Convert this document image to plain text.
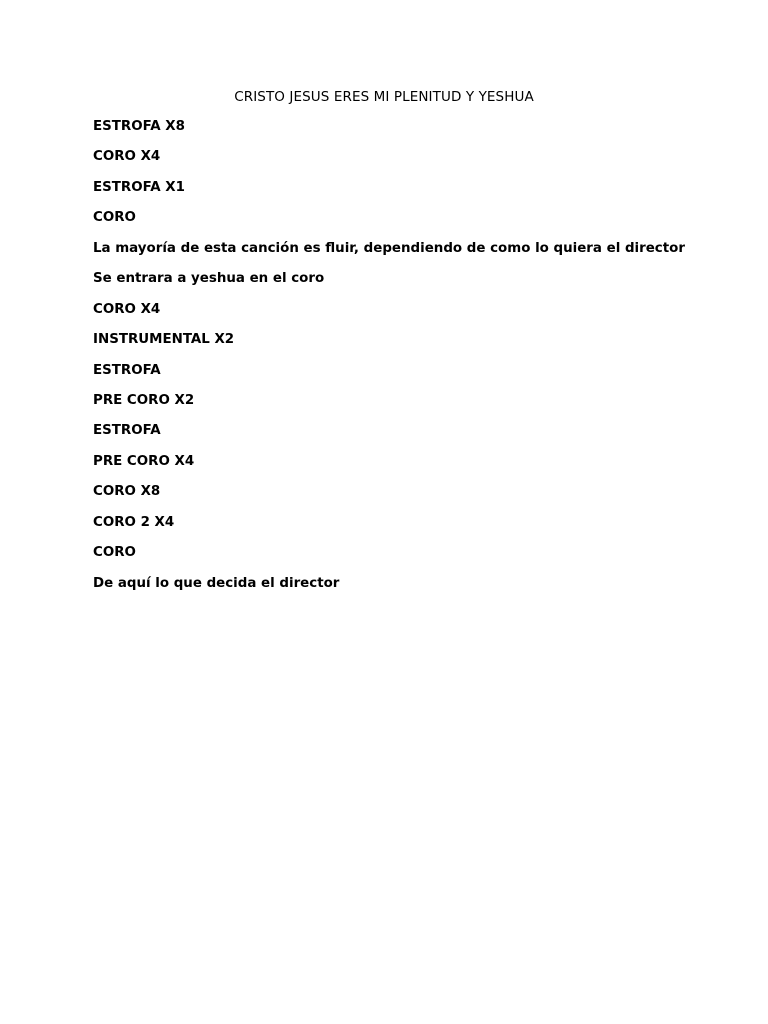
CRISTO JESUS ERES MI PLENITUD Y YESHUA
ESTROFA X8
CORO X4
ESTROFA X1
CORO
La mayoría de esta canción es fluir, dependiendo de como lo quiera el director
Se entrara a yeshua en el coro
CORO X4
INSTRUMENTAL X2
ESTROFA
PRE CORO X2
ESTROFA
PRE CORO X4
CORO X8
CORO 2 X4
CORO
De aquí lo que decida el director
